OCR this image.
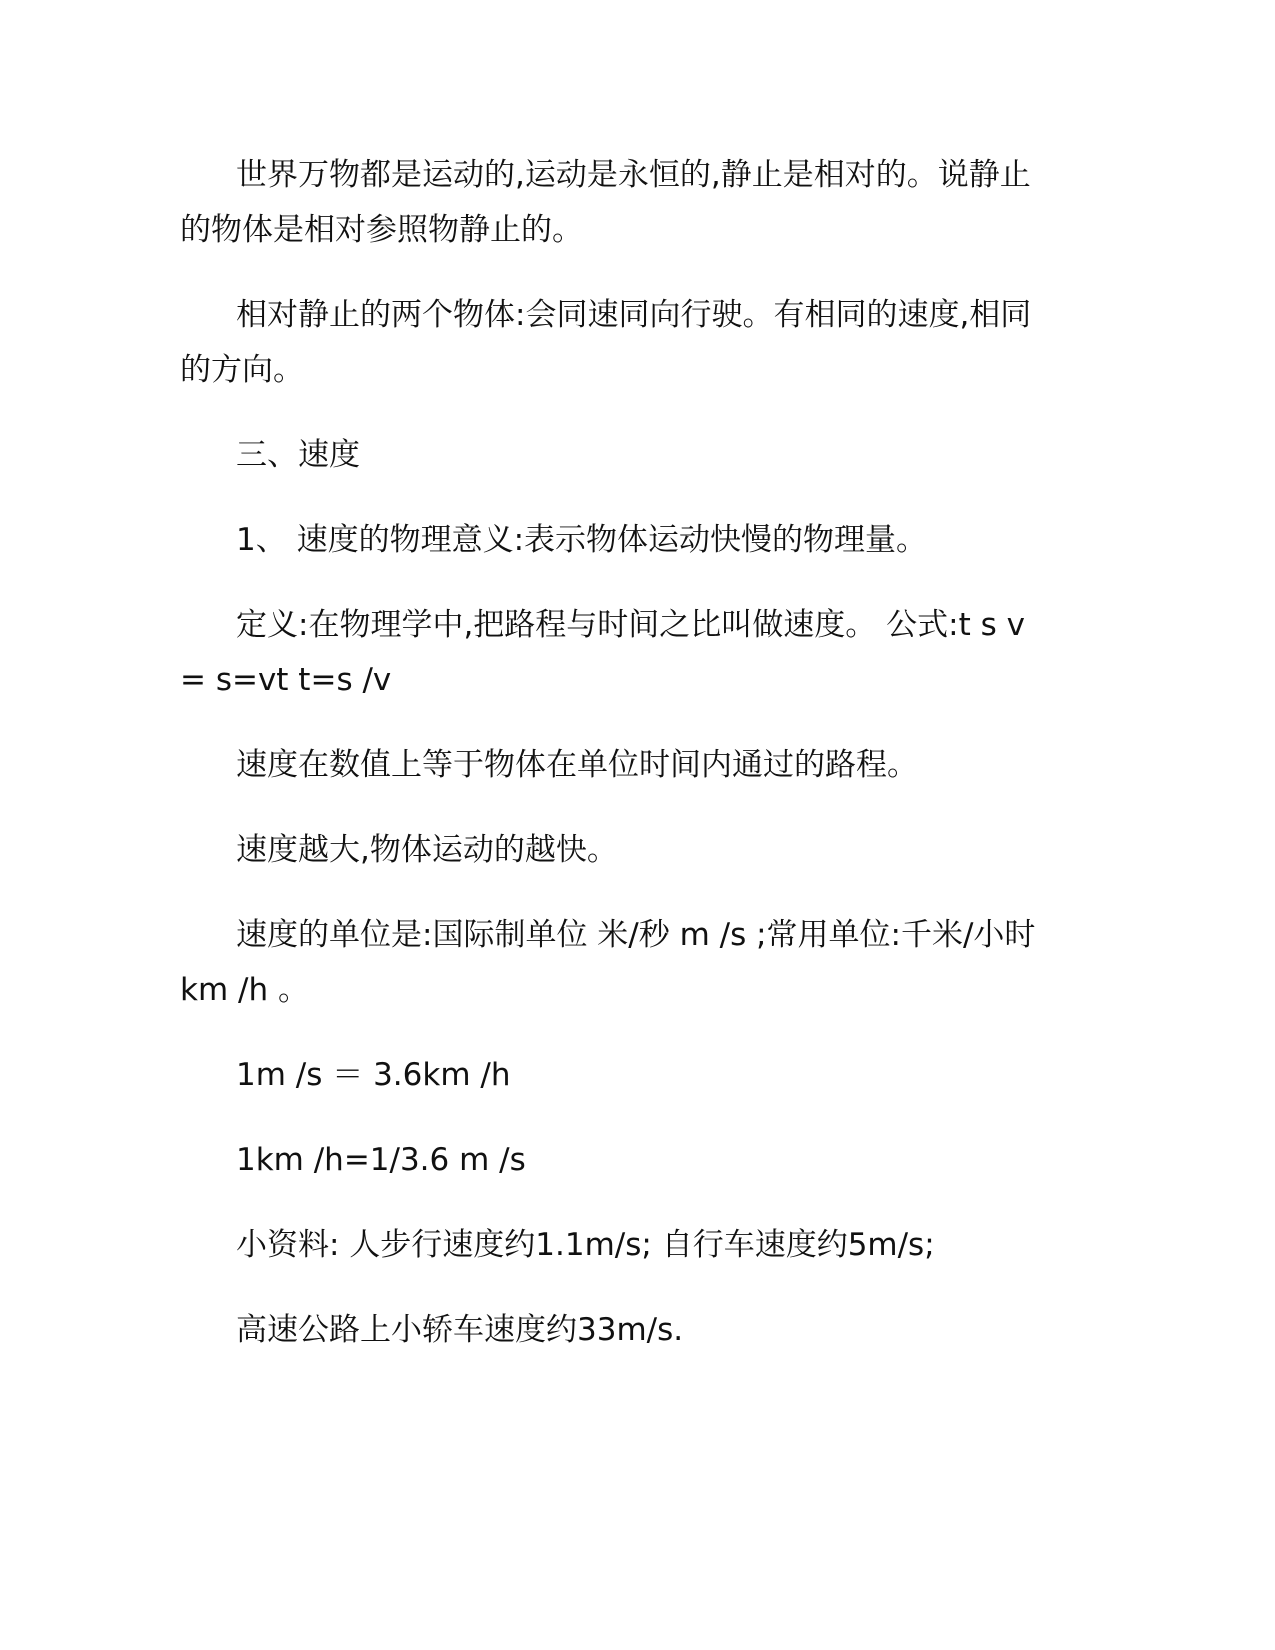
世界万物都是运动的,运动是永恒的,静止是相对的。说静止的物体是相对参照物静止的。

相对静止的两个物体:会同速同向行驶。有相同的速度,相同的方向。

三、速度

1、 速度的物理意义:表示物体运动快慢的物理量。

定义:在物理学中,把路程与时间之比叫做速度。 公式:t s v = s=vt t=s /v

速度在数值上等于物体在单位时间内通过的路程。

速度越大,物体运动的越快。

速度的单位是:国际制单位 米/秒 m /s ;常用单位:千米/小时 km /h 。

1m /s ＝ 3.6km /h

1km /h=1/3.6 m /s

小资料: 人步行速度约1.1m/s; 自行车速度约5m/s;

高速公路上小轿车速度约33m/s.
